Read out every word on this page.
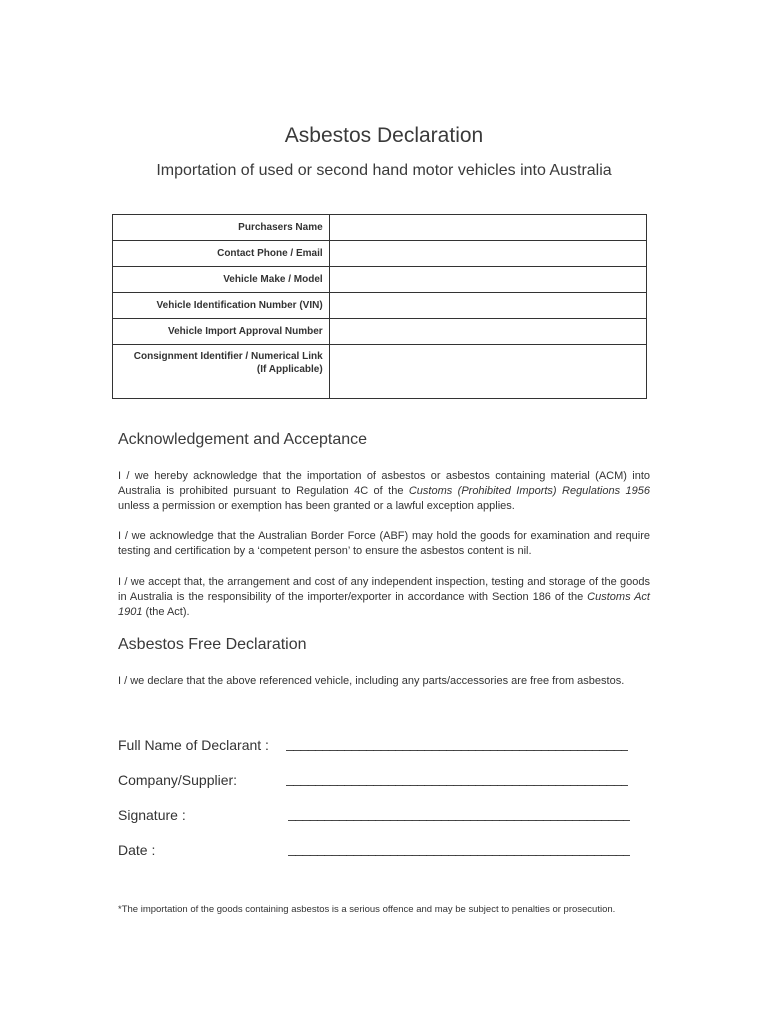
Asbestos Declaration
Importation of used or second hand motor vehicles into Australia
Purchasers Name	
Contact Phone / Email	
Vehicle Make / Model	
Vehicle Identification Number (VIN)	
Vehicle Import Approval Number	
Consignment Identifier / Numerical Link
(If Applicable)	
Acknowledgement and Acceptance
I / we hereby acknowledge that the importation of asbestos or asbestos containing material (ACM) into Australia is prohibited pursuant to Regulation 4C of the Customs (Prohibited Imports) Regulations 1956 unless a permission or exemption has been granted or a lawful exception applies.
I / we acknowledge that the Australian Border Force (ABF) may hold the goods for examination and require testing and certification by a ‘competent person’ to ensure the asbestos content is nil.
I / we accept that, the arrangement and cost of any independent inspection, testing and storage of the goods in Australia is the responsibility of the importer/exporter in accordance with Section 186 of the Customs Act 1901 (the Act).
Asbestos Free Declaration
I / we declare that the above referenced vehicle, including any parts/accessories are free from asbestos.
Full Name of Declarant : _______________________________________________
Company/Supplier:	_______________________________________________
Signature :	_______________________________________________
Date :	_______________________________________________
*The importation of the goods containing asbestos is a serious offence and may be subject to penalties or prosecution.
